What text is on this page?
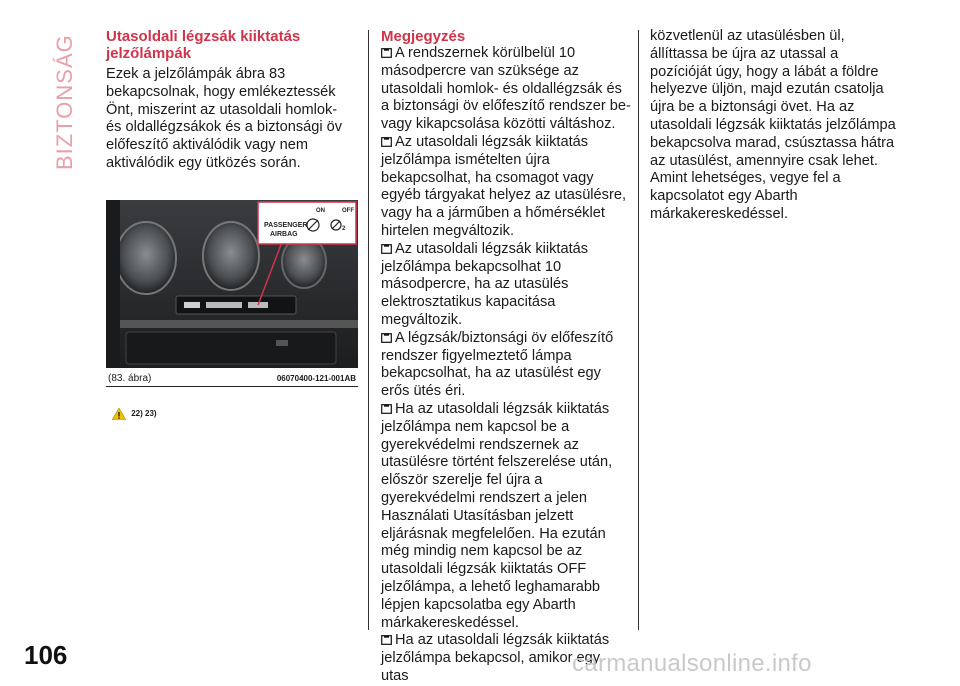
BIZTONSÁG
106
Utasoldali légzsák kiiktatás jelzőlámpák

Ezek a jelzőlámpák ábra 83 bekapcsolnak, hogy emlékeztessék Önt, miszerint az utasoldali homlok- és oldallégzsákok és a biztonsági öv előfeszítő aktiválódik vagy nem aktiválódik egy ütközés során.

PASSENGER
AIRBAG
ON	OFF
2
(83. ábra)	06070400-121-001AB
22) 23)
Megjegyzés

A rendszernek körülbelül 10 másodpercre van szüksége az utasoldali homlok- és oldallégzsák és a biztonsági öv előfeszítő rendszer be- vagy kikapcsolása közötti váltáshoz.

Az utasoldali légzsák kiiktatás jelzőlámpa ismételten újra bekapcsolhat, ha csomagot vagy egyéb tárgyakat helyez az utasülésre, vagy ha a járműben a hőmérséklet hirtelen megváltozik.

Az utasoldali légzsák kiiktatás jelzőlámpa bekapcsolhat 10 másodpercre, ha az utasülés elektrosztatikus kapacitása megváltozik.

A légzsák/biztonsági öv előfeszítő rendszer figyelmeztető lámpa bekapcsolhat, ha az utasülést egy erős ütés éri.

Ha az utasoldali légzsák kiiktatás jelzőlámpa nem kapcsol be a gyerekvédelmi rendszernek az utasülésre történt felszerelése után, először szerelje fel újra a gyerekvédelmi rendszert a jelen Használati Utasításban jelzett eljárásnak megfelelően. Ha ezután még mindig nem kapcsol be az utasoldali légzsák kiiktatás OFF jelzőlámpa, a lehető leghamarabb lépjen kapcsolatba egy Abarth márkakereskedéssel.

Ha az utasoldali légzsák kiiktatás jelzőlámpa bekapcsol, amikor egy utas

közvetlenül az utasülésben ül, állíttassa be újra az utassal a pozícióját úgy, hogy a lábát a földre helyezve üljön, majd ezután csatolja újra be a biztonsági övet. Ha az utasoldali légzsák kiiktatás jelzőlámpa bekapcsolva marad, csúsztassa hátra az utasülést, amennyire csak lehet. Amint lehetséges, vegye fel a kapcsolatot egy Abarth márkakereskedéssel.

carmanualsonline.info
